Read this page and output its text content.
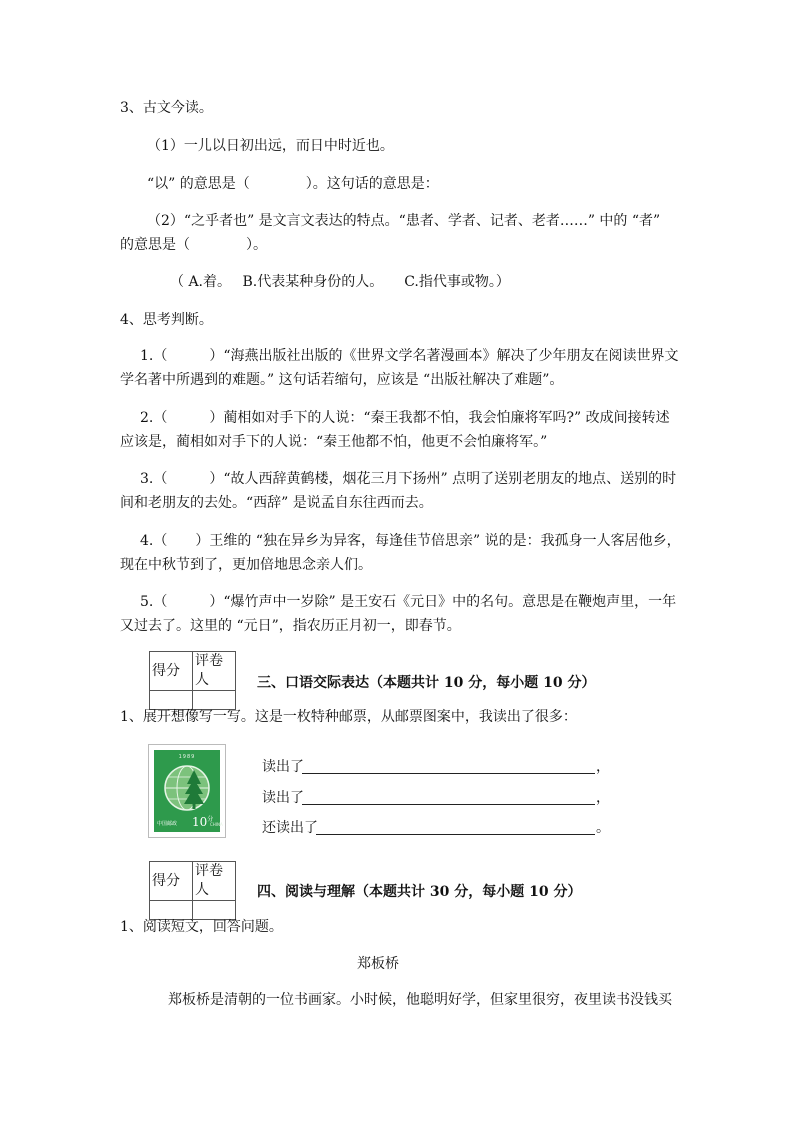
3、古文今读。
（1）一儿以日初出远，而日中时近也。
“以” 的意思是（　　　　）。这句话的意思是：
（2）“之乎者也” 是文言文表达的特点。“患者、学者、记者、老者……” 中的 “者”
的意思是（　　　　）。
（ A.着。　 B.代表某种身份的人。　　C.指代事或物。）
4、思考判断。
1.（　　　）“海燕出版社出版的《世界文学名著漫画本》解决了少年朋友在阅读世界文
学名著中所遇到的难题。” 这句话若缩句，应该是 “出版社解决了难题”。
2.（　　　）蔺相如对手下的人说：“秦王我都不怕，我会怕廉将军吗?” 改成间接转述
应该是，蔺相如对手下的人说：“秦王他都不怕，他更不会怕廉将军。”
3.（　　　）“故人西辞黄鹤楼，烟花三月下扬州” 点明了送别老朋友的地点、送别的时
间和老朋友的去处。“西辞” 是说孟自东往西而去。
4.（　　）王维的 “独在异乡为异客，每逢佳节倍思亲” 说的是：我孤身一人客居他乡，
现在中秋节到了，更加倍地思念亲人们。
5.（　　　）“爆竹声中一岁除” 是王安石《元日》中的名句。意思是在鞭炮声里，一年
又过去了。这里的 “元日”，指农历正月初一，即春节。
得分	评卷人
		三、口语交际表达（本题共计 10 分，每小题 10 分）
1、展开想像写一写。这是一枚特种邮票，从邮票图案中，我读出了很多：
1989
中国邮政 $10^分$
CHINA
读出了	，
读出了	，
还读出了	。
得分	评卷人
		四、阅读与理解（本题共计 30 分，每小题 10 分）
1、阅读短文，回答问题。
郑板桥
郑板桥是清朝的一位书画家。小时候，他聪明好学，但家里很穷，夜里读书没钱买
